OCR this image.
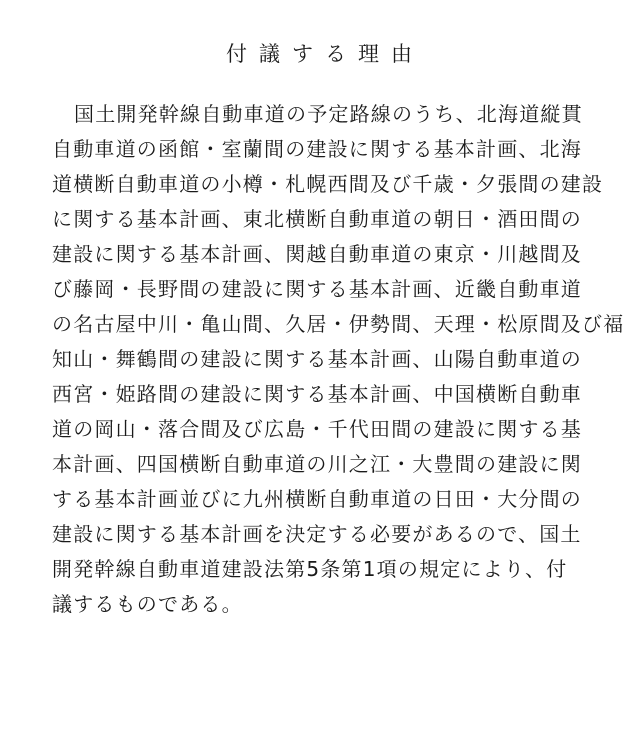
付議する理由
国土開発幹線自動車道の予定路線のうち、北海道縦貫
自動車道の函館・室蘭間の建設に関する基本計画、北海
道横断自動車道の小樽・札幌西間及び千歳・夕張間の建設
に関する基本計画、東北横断自動車道の朝日・酒田間の
建設に関する基本計画、関越自動車道の東京・川越間及
び藤岡・長野間の建設に関する基本計画、近畿自動車道
の名古屋中川・亀山間、久居・伊勢間、天理・松原間及び福
知山・舞鶴間の建設に関する基本計画、山陽自動車道の
西宮・姫路間の建設に関する基本計画、中国横断自動車
道の岡山・落合間及び広島・千代田間の建設に関する基
本計画、四国横断自動車道の川之江・大豊間の建設に関
する基本計画並びに九州横断自動車道の日田・大分間の
建設に関する基本計画を決定する必要があるので、国土
開発幹線自動車道建設法第5条第1項の規定により、付
議するものである。
